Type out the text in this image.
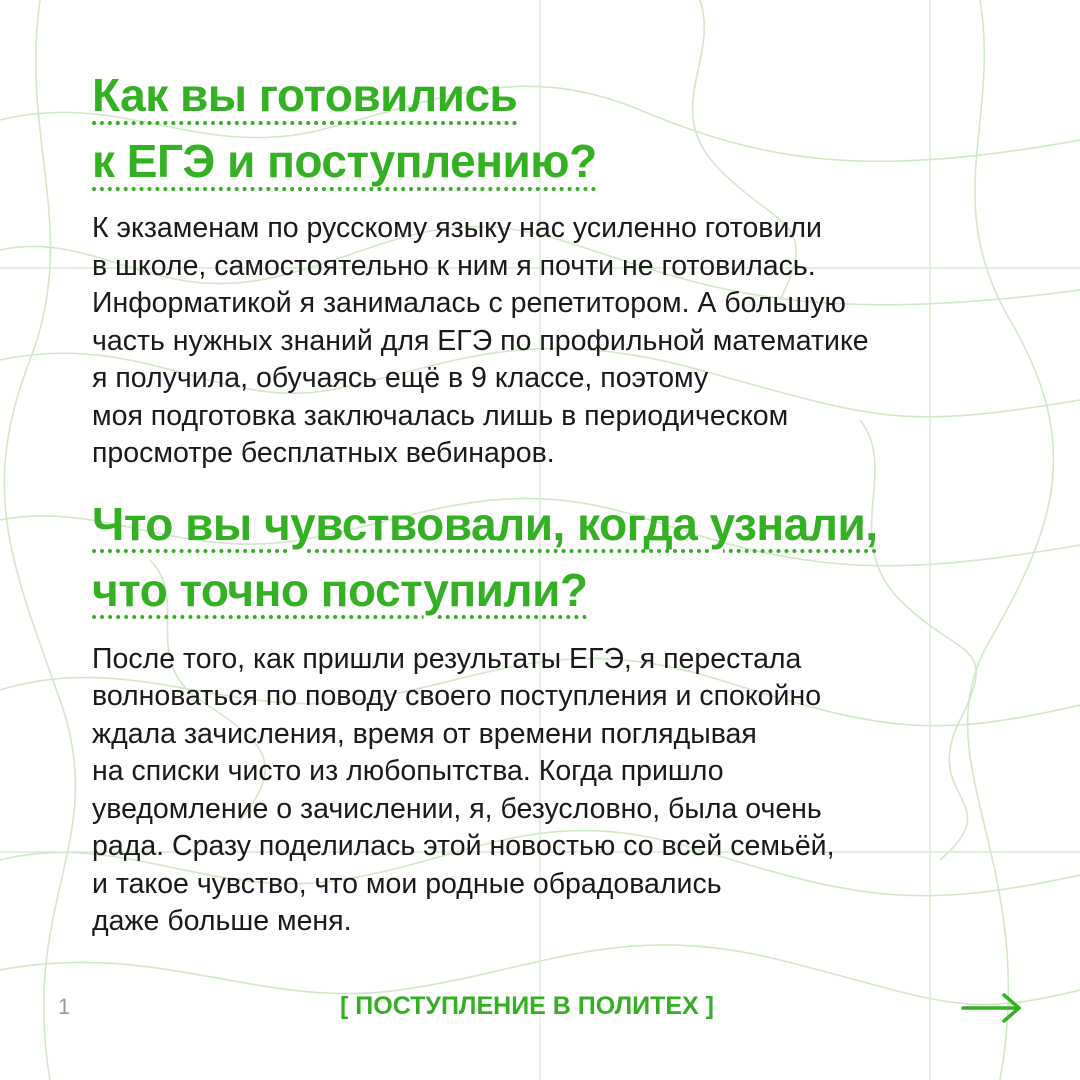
Как вы готовились
к ЕГЭ и поступлению?

К экзаменам по русскому языку нас усиленно готовили
в школе, самостоятельно к ним я почти не готовилась.
Информатикой я занималась с репетитором. А большую
часть нужных знаний для ЕГЭ по профильной математике
я получила, обучаясь ещё в 9 классе, поэтому
моя подготовка заключалась лишь в периодическом
просмотре бесплатных вебинаров.

Что вы чувствовали, когда узнали,
что точно поступили?

После того, как пришли результаты ЕГЭ, я перестала
волноваться по поводу своего поступления и спокойно
ждала зачисления, время от времени поглядывая
на списки чисто из любопытства. Когда пришло
уведомление о зачислении, я, безусловно, была очень
рада. Сразу поделилась этой новостью со всей семьёй,
и такое чувство, что мои родные обрадовались
даже больше меня.

1	[ ПОСТУПЛЕНИЕ В ПОЛИТЕХ ]
